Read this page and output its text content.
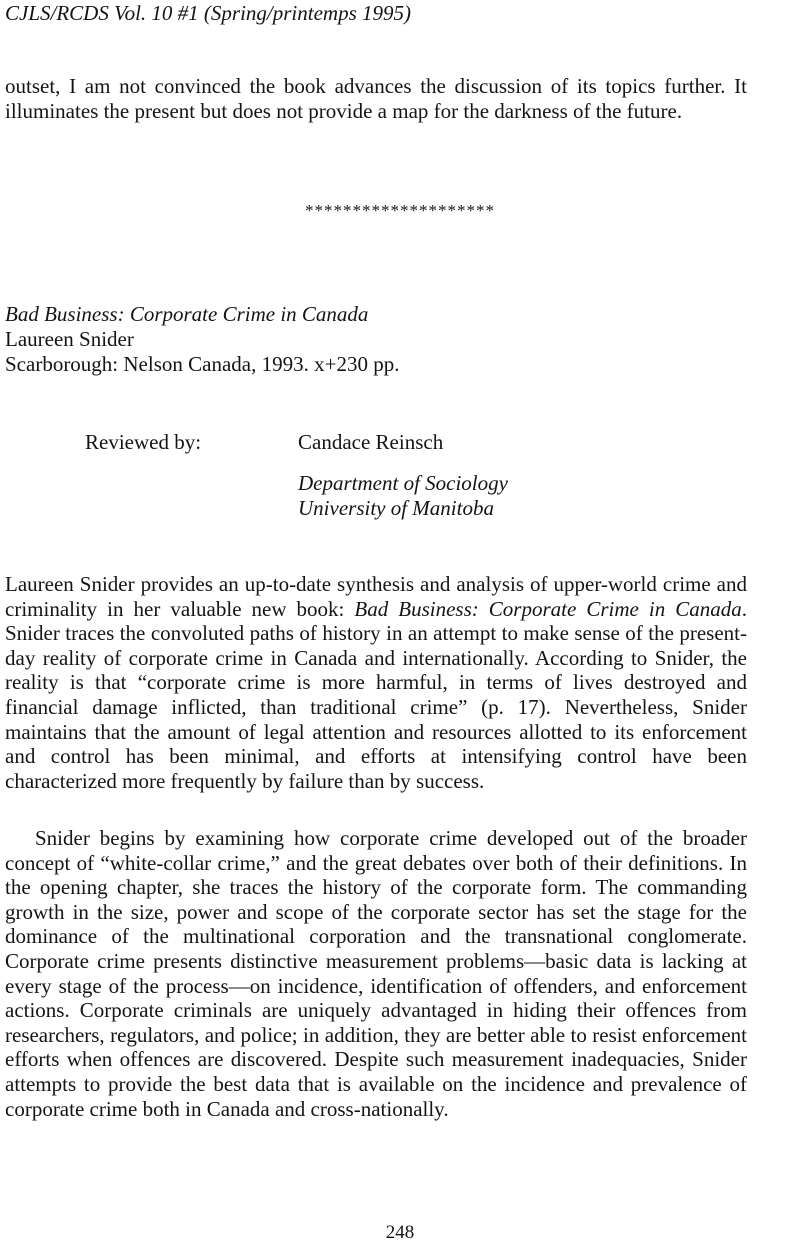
CJLS/RCDS Vol. 10 #1 (Spring/printemps 1995)

outset, I am not convinced the book advances the discussion of its topics further. It illuminates the present but does not provide a map for the darkness of the future.

********************
Bad Business: Corporate Crime in Canada
Laureen Snider
Scarborough: Nelson Canada, 1993. x+230 pp.
Reviewed by:	Candace Reinsch
Department of Sociology
University of Manitoba

Laureen Snider provides an up-to-date synthesis and analysis of upper-world crime and criminality in her valuable new book: Bad Business: Corporate Crime in Canada. Snider traces the convoluted paths of history in an attempt to make sense of the present-day reality of corporate crime in Canada and internationally. According to Snider, the reality is that “corporate crime is more harmful, in terms of lives destroyed and financial damage inflicted, than traditional crime” (p. 17). Nevertheless, Snider maintains that the amount of legal attention and resources allotted to its enforcement and control has been minimal, and efforts at intensifying control have been characterized more frequently by failure than by success.

Snider begins by examining how corporate crime developed out of the broader concept of “white-collar crime,” and the great debates over both of their definitions. In the opening chapter, she traces the history of the corporate form. The commanding growth in the size, power and scope of the corporate sector has set the stage for the dominance of the multinational corporation and the transnational conglomerate. Corporate crime presents distinctive measurement problems—basic data is lacking at every stage of the process—on incidence, identification of offenders, and enforcement actions. Corporate criminals are uniquely advantaged in hiding their offences from researchers, regulators, and police; in addition, they are better able to resist enforcement efforts when offences are discovered. Despite such measurement inadequacies, Snider attempts to provide the best data that is available on the incidence and prevalence of corporate crime both in Canada and cross-nationally.

248
